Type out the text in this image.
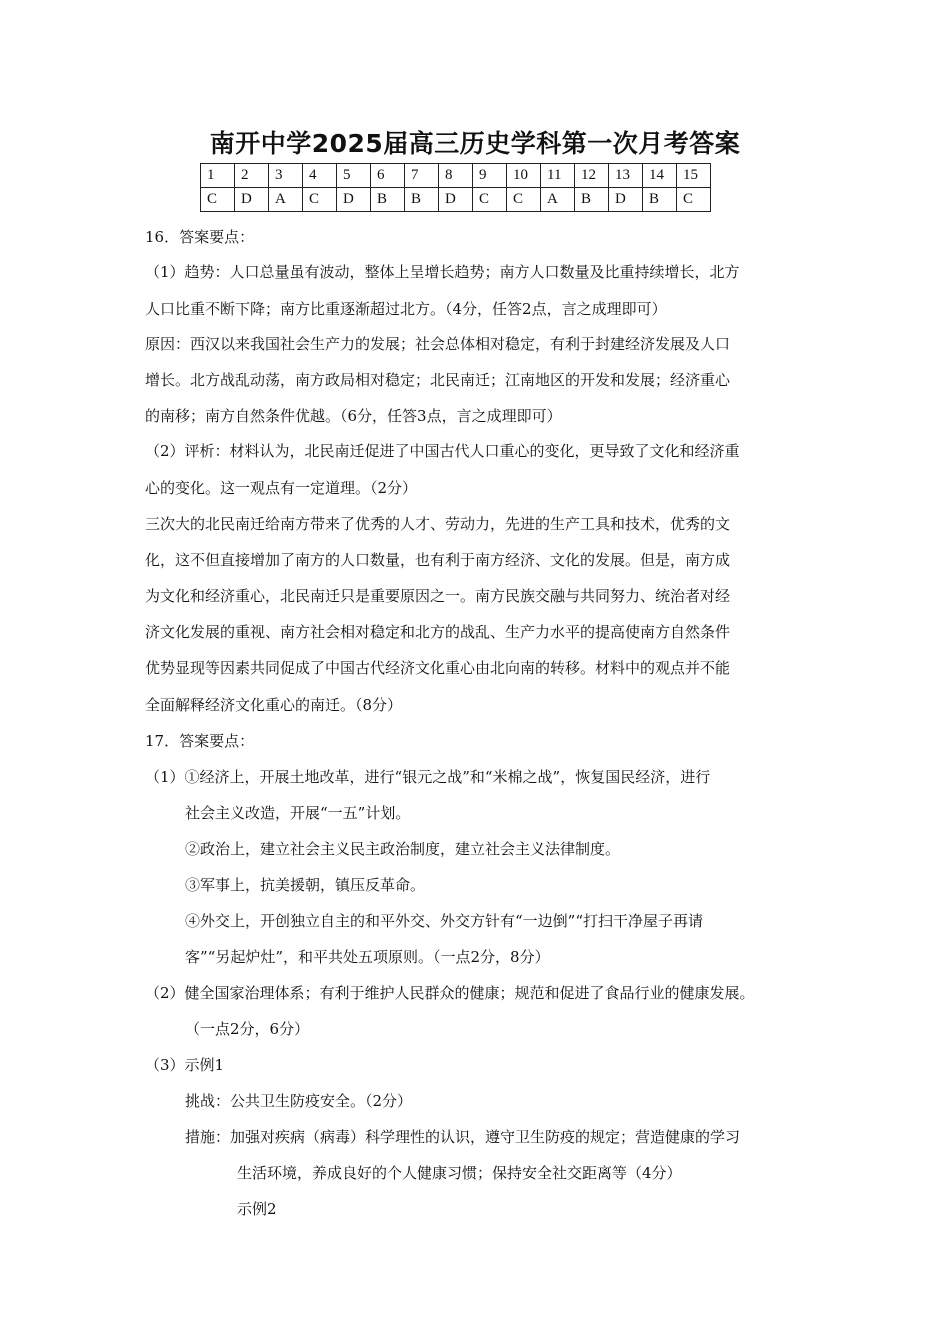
南开中学2025届高三历史学科第一次月考答案
1	2	3	4	5	6	7	8	9	10	11	12	13	14	15
C	D	A	C	D	B	B	D	C	C	A	B	D	B	C
16．答案要点：
（1）趋势：人口总量虽有波动，整体上呈增长趋势；南方人口数量及比重持续增长，北方
人口比重不断下降；南方比重逐渐超过北方。（4分，任答2点，言之成理即可）
原因：西汉以来我国社会生产力的发展；社会总体相对稳定，有利于封建经济发展及人口
增长。北方战乱动荡，南方政局相对稳定；北民南迁；江南地区的开发和发展；经济重心
的南移；南方自然条件优越。（6分，任答3点，言之成理即可）
（2）评析：材料认为，北民南迁促进了中国古代人口重心的变化，更导致了文化和经济重
心的变化。这一观点有一定道理。（2分）
三次大的北民南迁给南方带来了优秀的人才、劳动力，先进的生产工具和技术，优秀的文
化，这不但直接增加了南方的人口数量，也有利于南方经济、文化的发展。但是，南方成
为文化和经济重心，北民南迁只是重要原因之一。南方民族交融与共同努力、统治者对经
济文化发展的重视、南方社会相对稳定和北方的战乱、生产力水平的提高使南方自然条件
优势显现等因素共同促成了中国古代经济文化重心由北向南的转移。材料中的观点并不能
全面解释经济文化重心的南迁。（8分）
17．答案要点：
（1）①经济上，开展土地改革，进行“银元之战”和“米棉之战”，恢复国民经济，进行
社会主义改造，开展“一五”计划。
②政治上，建立社会主义民主政治制度，建立社会主义法律制度。
③军事上，抗美援朝，镇压反革命。
④外交上，开创独立自主的和平外交、外交方针有“一边倒”“打扫干净屋子再请
客”“另起炉灶”，和平共处五项原则。（一点2分，8分）
（2）健全国家治理体系；有利于维护人民群众的健康；规范和促进了食品行业的健康发展。
（一点2分，6分）
（3）示例1
挑战：公共卫生防疫安全。（2分）
措施：加强对疾病（病毒）科学理性的认识，遵守卫生防疫的规定；营造健康的学习
生活环境，养成良好的个人健康习惯；保持安全社交距离等（4分）
示例2
